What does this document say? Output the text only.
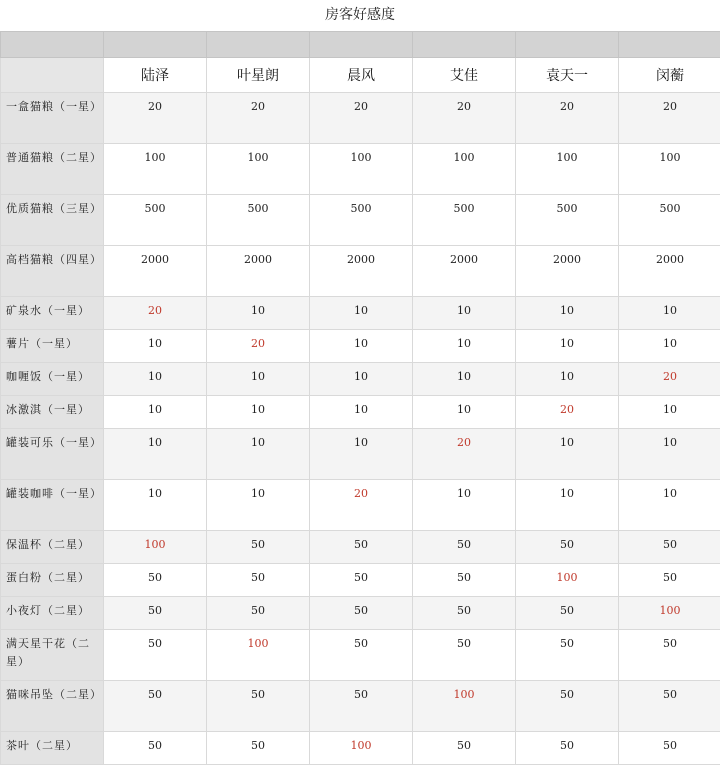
房客好感度

	陆泽	叶星朗	晨风	艾佳	袁天一	闵蘅
一盒猫粮（一星）	20	20	20	20	20	20
普通猫粮（二星）	100	100	100	100	100	100
优质猫粮（三星）	500	500	500	500	500	500
高档猫粮（四星）	2000	2000	2000	2000	2000	2000
矿泉水（一星）	20	10	10	10	10	10
薯片（一星）	10	20	10	10	10	10
咖喱饭（一星）	10	10	10	10	10	20
冰激淇（一星）	10	10	10	10	20	10
罐装可乐（一星）	10	10	10	20	10	10
罐装咖啡（一星）	10	10	20	10	10	10
保温杯（二星）	100	50	50	50	50	50
蛋白粉（二星）	50	50	50	50	100	50
小夜灯（二星）	50	50	50	50	50	100
满天星干花（二星）	50	100	50	50	50	50
猫咪吊坠（二星）	50	50	50	100	50	50
茶叶（二星）	50	50	100	50	50	50
